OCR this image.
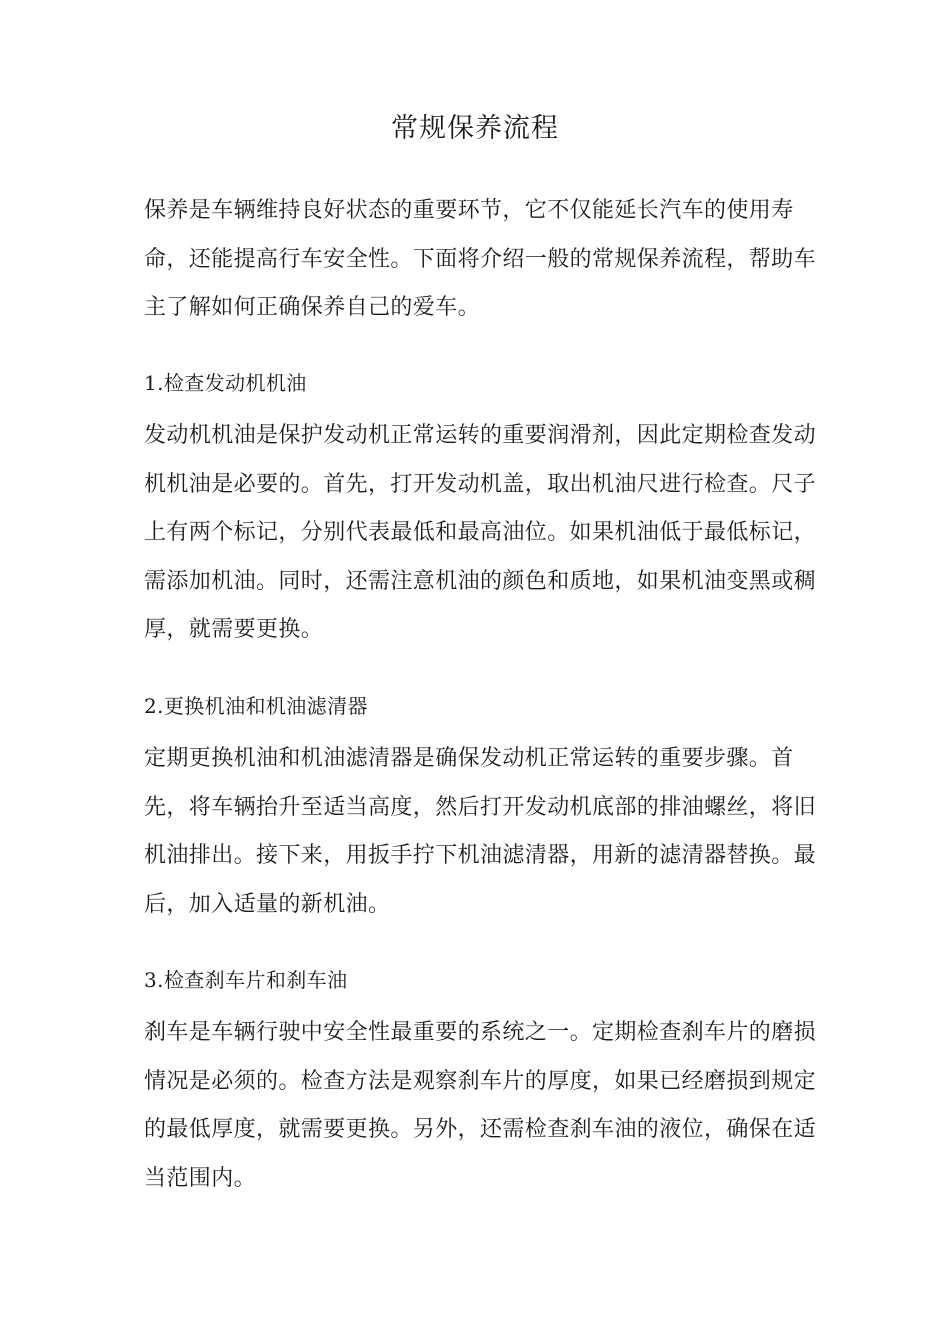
常规保养流程

保养是车辆维持良好状态的重要环节，它不仅能延长汽车的使用寿命，还能提高行车安全性。下面将介绍一般的常规保养流程，帮助车主了解如何正确保养自己的爱车。

1.检查发动机机油

发动机机油是保护发动机正常运转的重要润滑剂，因此定期检查发动机机油是必要的。首先，打开发动机盖，取出机油尺进行检查。尺子上有两个标记，分别代表最低和最高油位。如果机油低于最低标记，需添加机油。同时，还需注意机油的颜色和质地，如果机油变黑或稠厚，就需要更换。

2.更换机油和机油滤清器

定期更换机油和机油滤清器是确保发动机正常运转的重要步骤。首先，将车辆抬升至适当高度，然后打开发动机底部的排油螺丝，将旧机油排出。接下来，用扳手拧下机油滤清器，用新的滤清器替换。最后，加入适量的新机油。

3.检查刹车片和刹车油

刹车是车辆行驶中安全性最重要的系统之一。定期检查刹车片的磨损情况是必须的。检查方法是观察刹车片的厚度，如果已经磨损到规定的最低厚度，就需要更换。另外，还需检查刹车油的液位，确保在适当范围内。
